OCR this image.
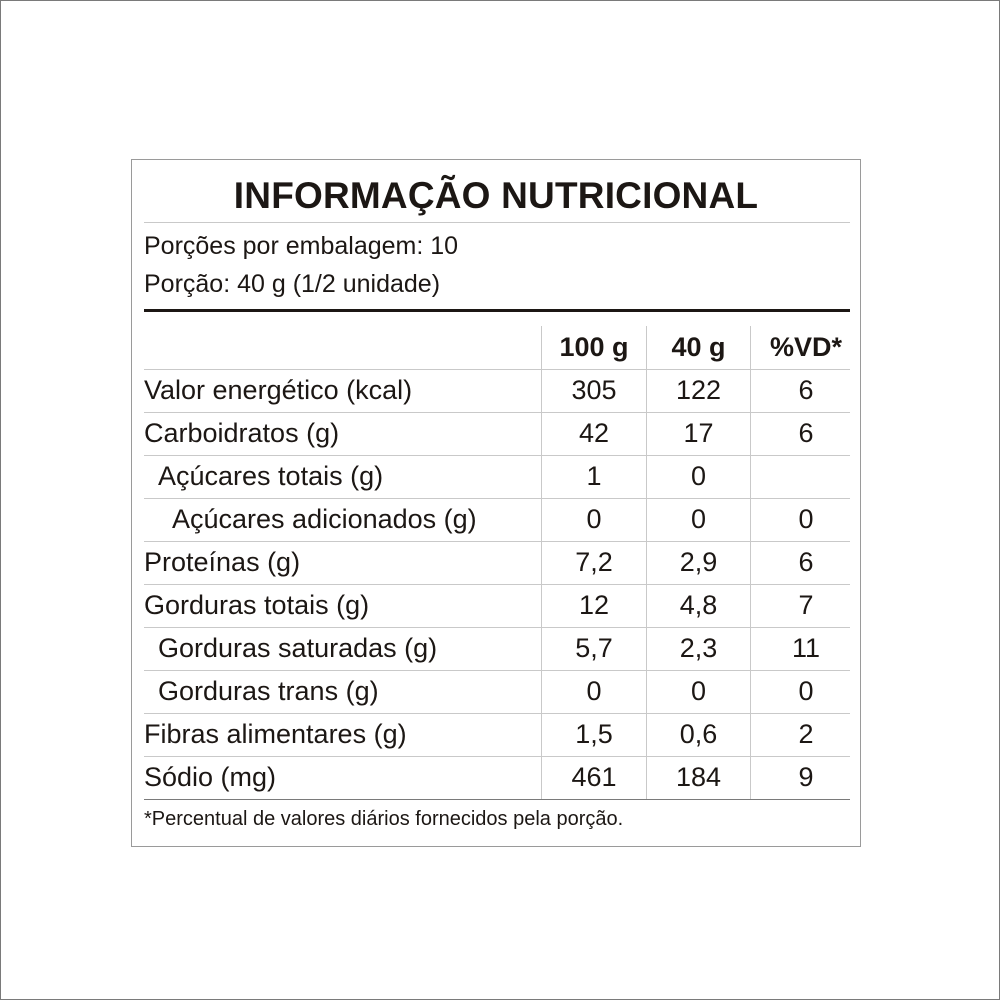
INFORMAÇÃO NUTRICIONAL
Porções por embalagem: 10
Porção: 40 g (1/2 unidade)
100 g	40 g	%VD*
Valor energético (kcal)	305	122	6
Carboidratos (g)	42	17	6
Açúcares totais (g)	1	0
Açúcares adicionados (g)	0	0	0
Proteínas (g)	7,2	2,9	6
Gorduras totais (g)	12	4,8	7
Gorduras saturadas (g)	5,7	2,3	11
Gorduras trans (g)	0	0	0
Fibras alimentares (g)	1,5	0,6	2
Sódio (mg)	461	184	9
*Percentual de valores diários fornecidos pela porção.
